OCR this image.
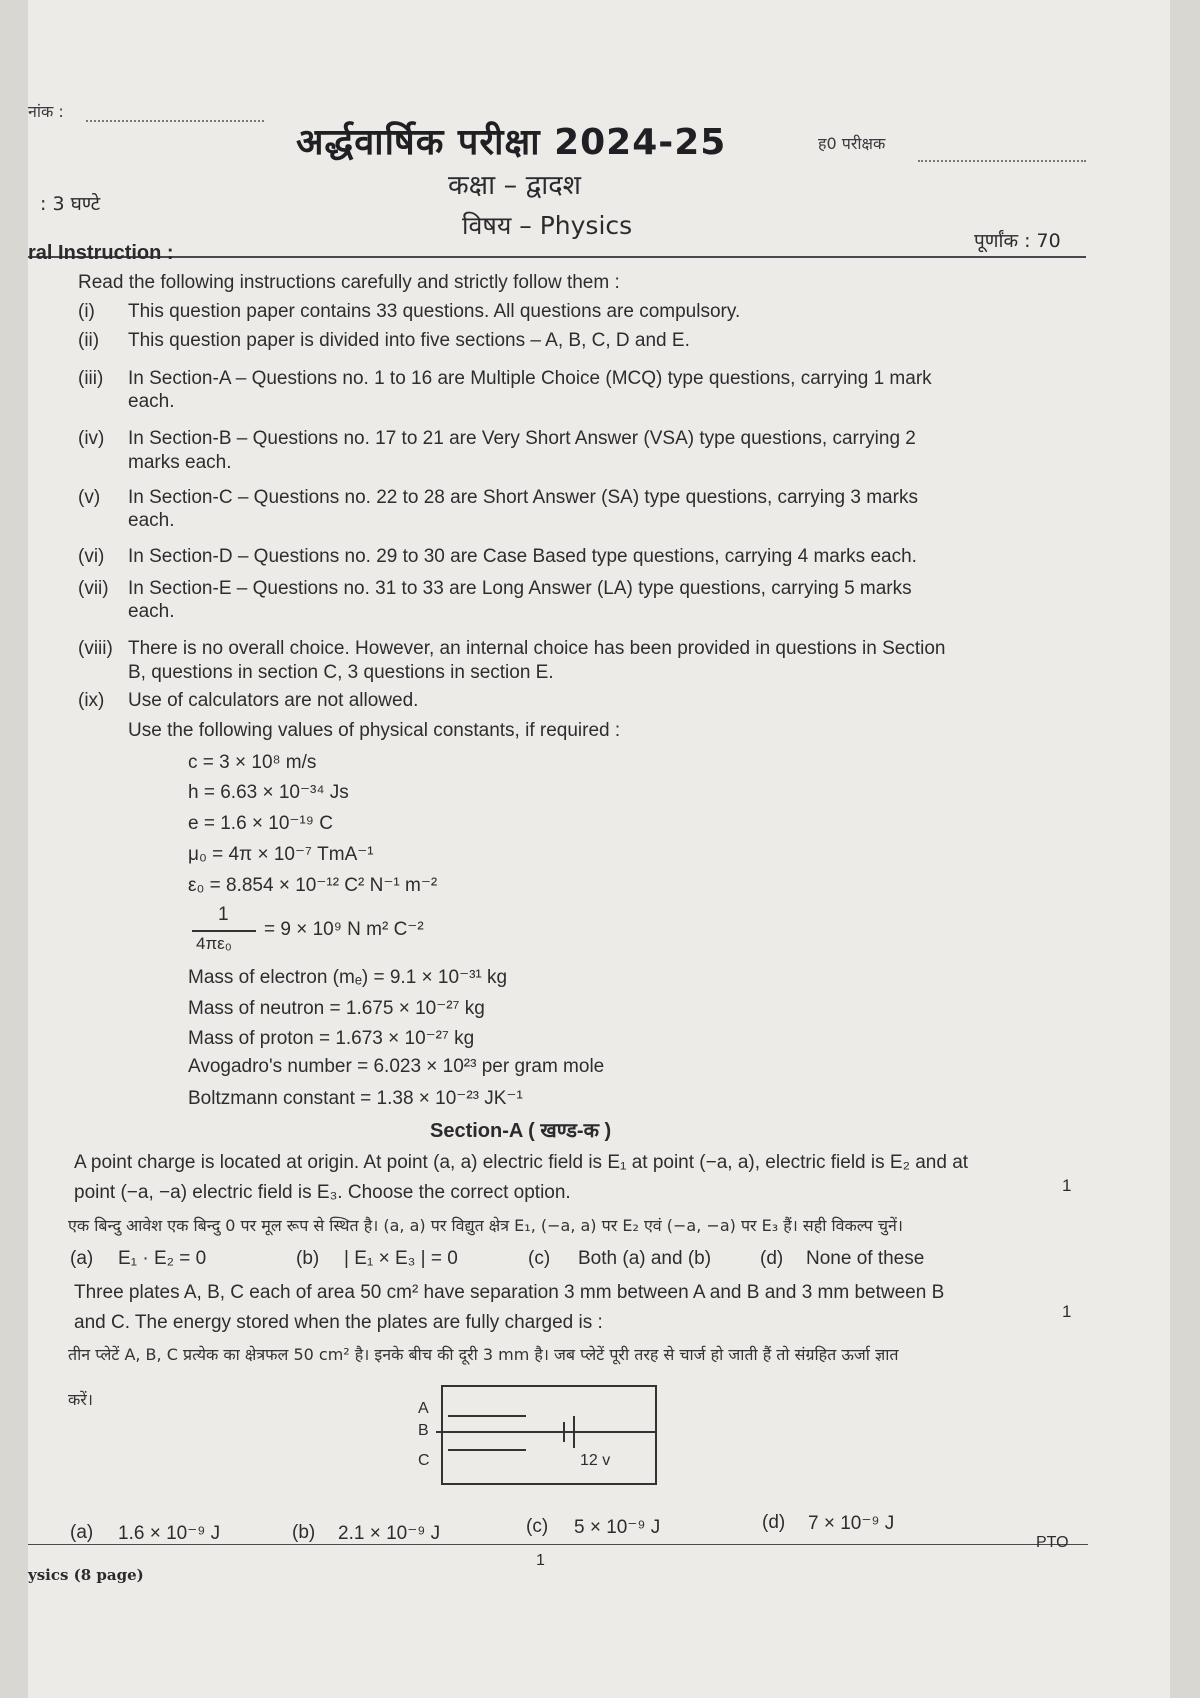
नांक :
अर्द्धवार्षिक परीक्षा 2024-25	ह0 परीक्षक
कक्षा – द्वादश
: 3 घण्टे
विषय – Physics
पूर्णांक : 70
ral Instruction :
Read the following instructions carefully and strictly follow them :
(i) This question paper contains 33 questions. All questions are compulsory.
(ii) This question paper is divided into five sections – A, B, C, D and E.
(iii) In Section-A – Questions no. 1 to 16 are Multiple Choice (MCQ) type questions, carrying 1 mark
each.
(iv) In Section-B – Questions no. 17 to 21 are Very Short Answer (VSA) type questions, carrying 2
marks each.
(v) In Section-C – Questions no. 22 to 28 are Short Answer (SA) type questions, carrying 3 marks
each.
(vi) In Section-D – Questions no. 29 to 30 are Case Based type questions, carrying 4 marks each.
(vii) In Section-E – Questions no. 31 to 33 are Long Answer (LA) type questions, carrying 5 marks
each.
(viii) There is no overall choice. However, an internal choice has been provided in questions in Section
B, questions in section C, 3 questions in section E.
(ix) Use of calculators are not allowed.
Use the following values of physical constants, if required :
c = 3 × 10⁸ m/s
h = 6.63 × 10⁻³⁴ Js
e = 1.6 × 10⁻¹⁹ C
μ₀ = 4π × 10⁻⁷ TmA⁻¹
ε₀ = 8.854 × 10⁻¹² C² N⁻¹ m⁻²
1
4πε₀
= 9 × 10⁹ N m² C⁻²
Mass of electron (mₑ) = 9.1 × 10⁻³¹ kg
Mass of neutron = 1.675 × 10⁻²⁷ kg
Mass of proton = 1.673 × 10⁻²⁷ kg
Avogadro's number = 6.023 × 10²³ per gram mole
Boltzmann constant = 1.38 × 10⁻²³ JK⁻¹
Section-A ( खण्ड-क )
A point charge is located at origin. At point (a, a) electric field is E₁ at point (−a, a), electric field is E₂ and at
point (−a, −a) electric field is E₃. Choose the correct option.	1
एक बिन्दु आवेश एक बिन्दु 0 पर मूल रूप से स्थित है। (a, a) पर विद्युत क्षेत्र E₁, (−a, a) पर E₂ एवं (−a, −a) पर E₃ हैं। सही विकल्प चुनें।
(a) E₁ · E₂ = 0	(b) | E₁ × E₃ | = 0	(c) Both (a) and (b)	(d) None of these
Three plates A, B, C each of area 50 cm² have separation 3 mm between A and B and 3 mm between B
and C. The energy stored when the plates are fully charged is :
1
तीन प्लेटें A, B, C प्रत्येक का क्षेत्रफल 50 cm² है। इनके बीच की दूरी 3 mm है। जब प्लेटें पूरी तरह से चार्ज हो जाती हैं तो संग्रहित ऊर्जा ज्ञात
करें।	A
B
C	12 v
(a) 1.6 × 10⁻⁹ J	(b) 2.1 × 10⁻⁹ J	(c) 5 × 10⁻⁹ J	(d) 7 × 10⁻⁹ J
1
PTO
ysics (8 page)
